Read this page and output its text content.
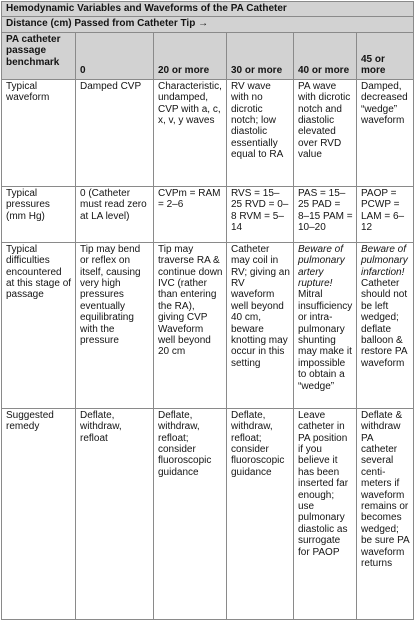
Hemodynamic Variables and Waveforms of the PA Catheter					
Distance (cm) Passed from Catheter Tip →					
PA catheter passage benchmark	0	20 or more	30 or more	40 or more	45 or more
Typical waveform	Damped CVP	Characteristic, undamped, CVP with a, c, x, v, y waves	RV wave with no dicrotic notch; low diastolic essentially equal to RA	PA wave with dicrotic notch and diastolic elevated over RVD value	Damped, decreased “wedge” waveform
Typical pressures (mm Hg)	0 (Catheter must read zero at LA level)	CVPm = RAM = 2–6	RVS = 15–25 RVD = 0–8 RVM = 5–14	PAS = 15–25 PAD = 8–15 PAM = 10–20	PAOP = PCWP = LAM = 6–12
Typical difficulties encountered at this stage of passage	Tip may bend or reflex on itself, causing very high pressures eventually equilibrating with the pressure	Tip may traverse RA & continue down IVC (rather than entering the RA), giving CVP Waveform well beyond 20 cm	Catheter may coil in RV; giving an RV waveform well beyond 40 cm, beware knotting may occur in this setting	Beware of pulmonary artery rupture! Mitral insufficiency or intra-pulmonary shunting may make it impossible to obtain a “wedge”	Beware of pulmonary infarction! Catheter should not be left wedged; deflate balloon & restore PA waveform
Suggested remedy	Deflate, withdraw, refloat	Deflate, withdraw, refloat; consider fluoroscopic guidance	Deflate, withdraw, refloat; consider fluoroscopic guidance	Leave catheter in PA position if you believe it has been inserted far enough; use pulmonary diastolic as surrogate for PAOP	Deflate & withdraw PA catheter several centi-meters if waveform remains or becomes wedged; be sure PA waveform returns
